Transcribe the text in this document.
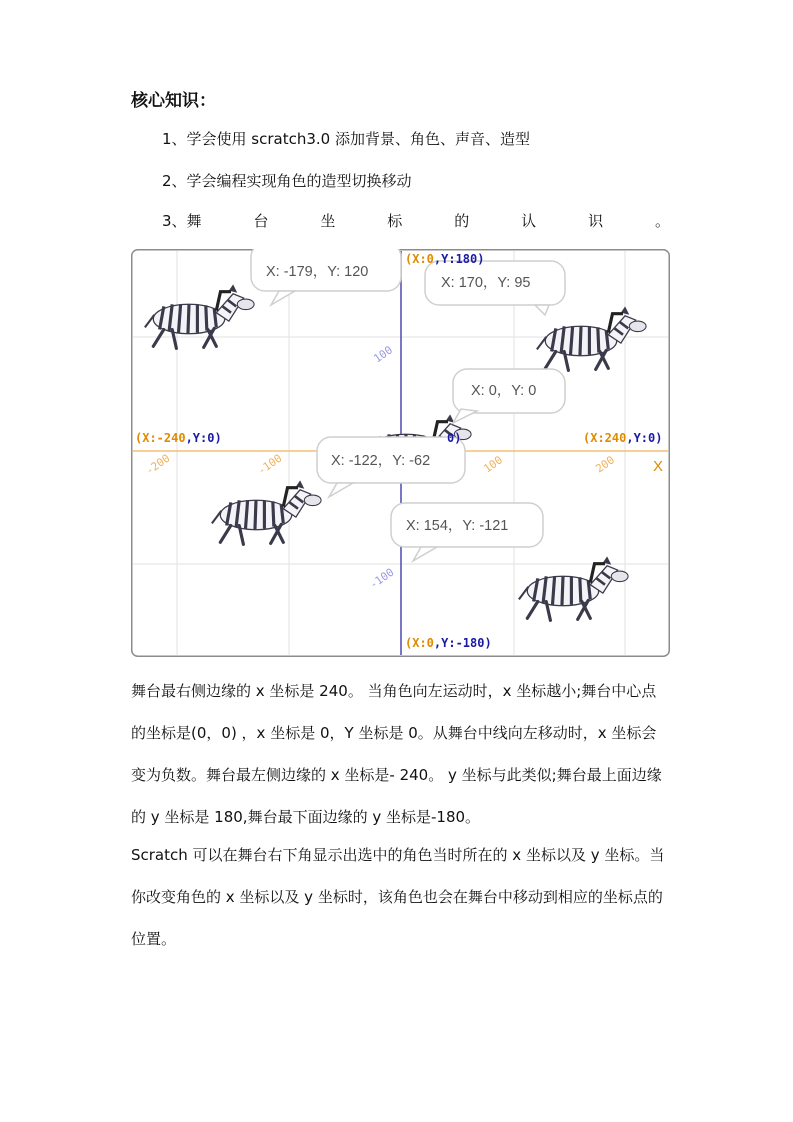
核心知识：
1、学会使用 scratch3.0 添加背景、角色、声音、造型
2、学会编程实现角色的造型切换移动
3、舞	台	坐	标	的	认	识	。
X: -179，Y: 120
X: 170，Y: 95
X: 0，Y: 0
X: -122，Y: -62
X: 154，Y: -121
(X:0,Y:180)
(X:0,Y:-180)
(X:-240,Y:0)	(X:240,Y:0)
0)
X
-200	-100	100	200
100
-100
舞台最右侧边缘的 x 坐标是 240。 当角色向左运动时，x 坐标越小;舞台中心点
的坐标是(0，0) ，x 坐标是 0，Y 坐标是 0。从舞台中线向左移动时，x 坐标会
变为负数。舞台最左侧边缘的 x 坐标是- 240。 y 坐标与此类似;舞台最上面边缘
的 y 坐标是 180,舞台最下面边缘的 y 坐标是-180。
Scratch 可以在舞台右下角显示出选中的角色当时所在的 x 坐标以及 y 坐标。当
你改变角色的 x 坐标以及 y 坐标时，该角色也会在舞台中移动到相应的坐标点的
位置。
